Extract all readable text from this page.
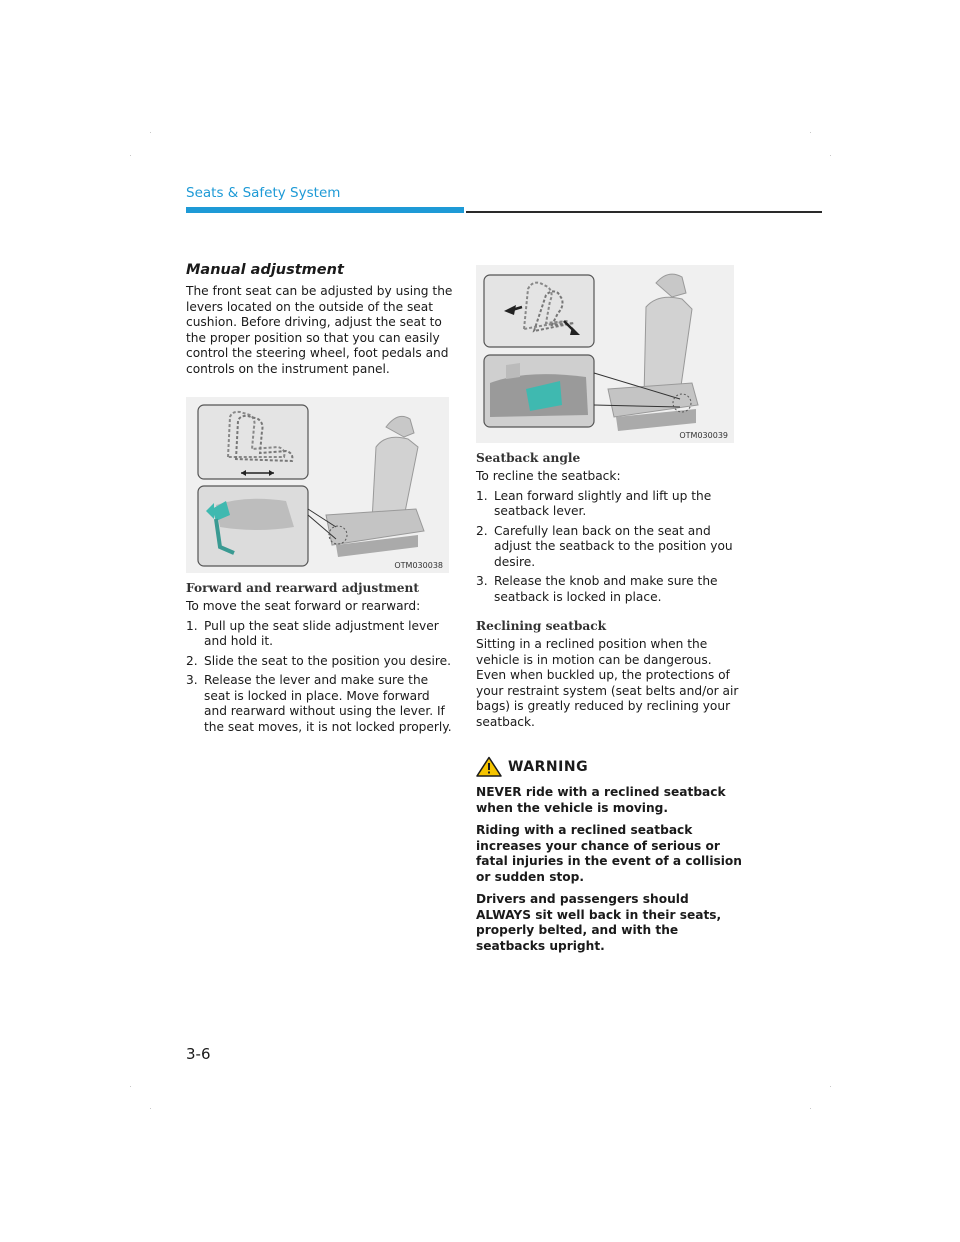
Seats & Safety System
Manual adjustment

The front seat can be adjusted by using the levers located on the outside of the seat cushion. Before driving, adjust the seat to the proper position so that you can easily control the steering wheel, foot pedals and controls on the instrument panel.

OTM030038
Forward and rearward adjustment

To move the seat forward or rearward:

1. Pull up the seat slide adjustment lever and hold it.
2. Slide the seat to the position you desire.
3. Release the lever and make sure the seat is locked in place. Move forward and rearward without using the lever. If the seat moves, it is not locked properly.
OTM030039
Seatback angle

To recline the seatback:

1. Lean forward slightly and lift up the seatback lever.
2. Carefully lean back on the seat and adjust the seatback to the position you desire.
3. Release the knob and make sure the seatback is locked in place.
Reclining seatback

Sitting in a reclined position when the vehicle is in motion can be dangerous. Even when buckled up, the protections of your restraint system (seat belts and/or air bags) is greatly reduced by reclining your seatback.

WARNING

NEVER ride with a reclined seatback when the vehicle is moving.

Riding with a reclined seatback increases your chance of serious or fatal injuries in the event of a collision or sudden stop.

Drivers and passengers should ALWAYS sit well back in their seats, properly belted, and with the seatbacks upright.

3-6
